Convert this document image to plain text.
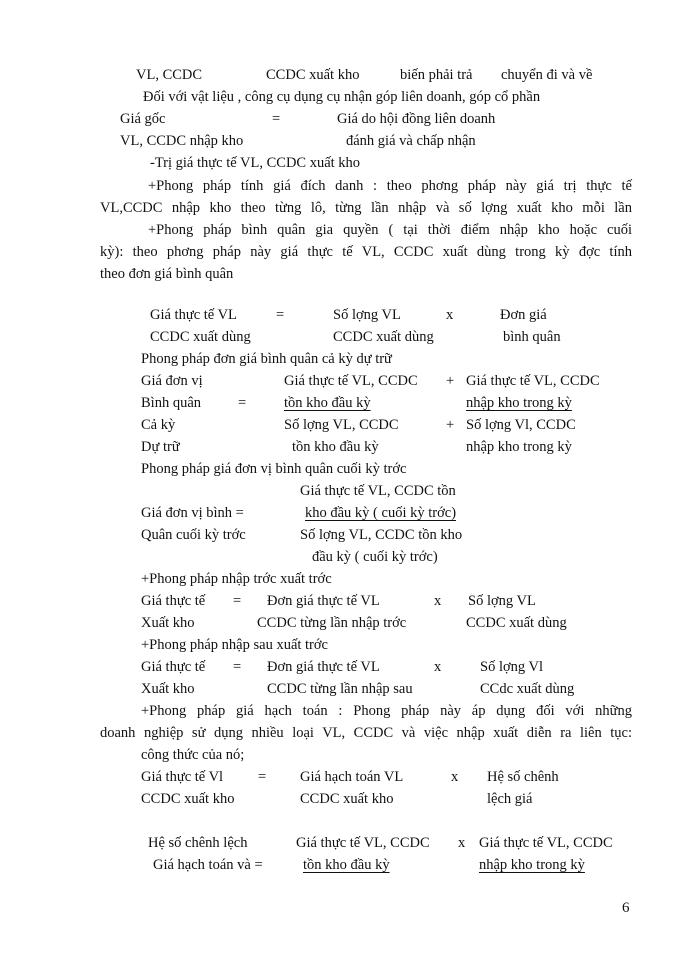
VL, CCDC	CCDC xuất kho	biến phải trả chuyển đi và về
Đối với vật liệu , công cụ dụng cụ nhận góp liên doanh, góp cổ phần
Giá gốc	=	Giá do hội đồng liên doanh
VL, CCDC nhập kho	đánh giá và chấp nhận
-Trị giá thực tế VL, CCDC xuất kho
+Phong pháp tính giá đích danh : theo phơng pháp này giá trị thực tế
VL,CCDC nhập kho theo từng lô, từng lần nhập và số lợng xuất kho mỗi lần
+Phong pháp bình quân gia quyền ( tại thời điểm nhập kho hoặc cuối
kỳ): theo phơng pháp này giá thực tế VL, CCDC xuất dùng trong kỳ đợc tính
theo đơn giá bình quân
Giá thực tế VL	=	Số lợng VL	x	Đơn giá
CCDC xuất dùng	CCDC xuất dùng	bình quân
Phong pháp đơn giá bình quân cả kỳ dự trữ
Giá đơn vị	Giá thực tế VL, CCDC + Giá thực tế VL, CCDC
Bình quân	=	tồn kho đầu kỳ	nhập kho trong kỳ
Cả kỳ	Số lợng VL, CCDC	+ Số lợng Vl, CCDC
Dự trữ	tồn kho đầu kỳ	nhập kho trong kỳ
Phong pháp giá đơn vị bình quân cuối kỳ trớc
Giá thực tế VL, CCDC tồn
Giá đơn vị bình =	kho đầu kỳ ( cuối kỳ trớc)
Quân cuối kỳ trớc	Số lợng VL, CCDC tồn kho
đầu kỳ ( cuối kỳ trớc)
+Phong pháp nhập trớc xuất trớc
Giá thực tế = Đơn giá thực tế VL	x Số lợng VL
Xuất kho	CCDC từng lần nhập trớc	CCDC xuất dùng
+Phong pháp nhập sau xuất trớc
Giá thực tế = Đơn giá thực tế VL	x	Số lợng Vl
Xuất kho	CCDC từng lần nhập sau	CCdc xuất dùng
+Phong pháp giá hạch toán : Phong pháp này áp dụng đối với những
doanh nghiệp sử dụng nhiều loại VL, CCDC và việc nhập xuất diễn ra liên tục:
công thức của nó;
Giá thực tế Vl = Giá hạch toán VL	x Hệ số chênh
CCDC xuất kho	CCDC xuất kho	lệch giá
Hệ số chênh lệch	Giá thực tế VL, CCDC x Giá thực tế VL, CCDC
Giá hạch toán và =	tồn kho đầu kỳ	nhập kho trong kỳ
6
